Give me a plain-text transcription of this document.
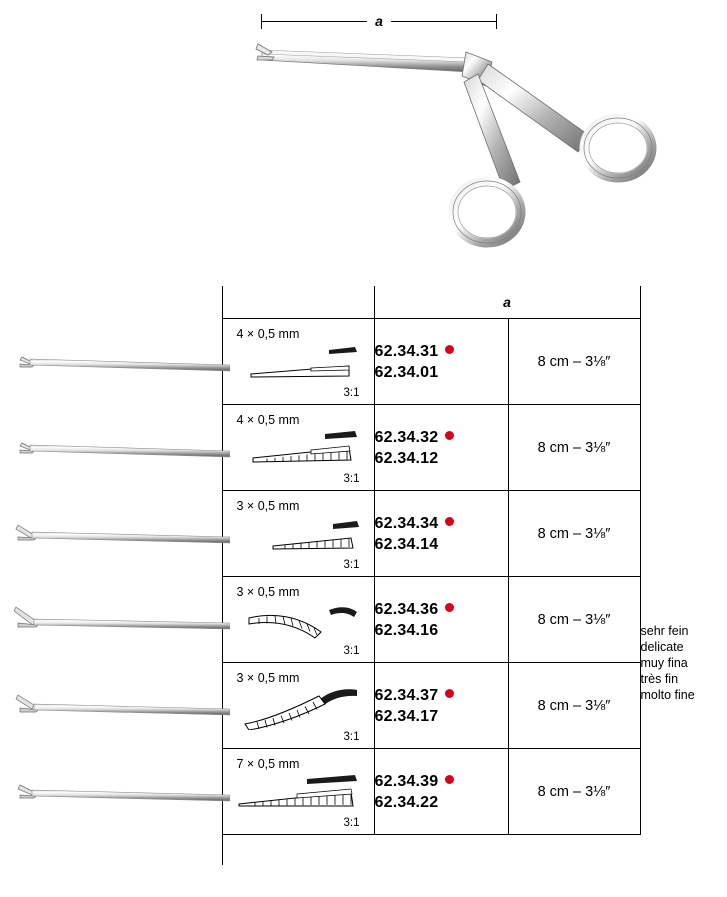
a
		a			

4 × 0,5 mm
3:1

62.34.31
62.34.01
	8 cm – 3⅛″	

4 × 0,5 mm
3:1

62.34.32
62.34.12
	8 cm – 3⅛″	

3 × 0,5 mm
3:1

62.34.34
62.34.14
	8 cm – 3⅛″	
sehr fein
delicate
muy fina
très fin
molto fine

3 × 0,5 mm
3:1

62.34.36
62.34.16
	8 cm – 3⅛″

3 × 0,5 mm
3:1

62.34.37
62.34.17
	8 cm – 3⅛″

7 × 0,5 mm
3:1

62.34.39
62.34.22
	8 cm – 3⅛″	
